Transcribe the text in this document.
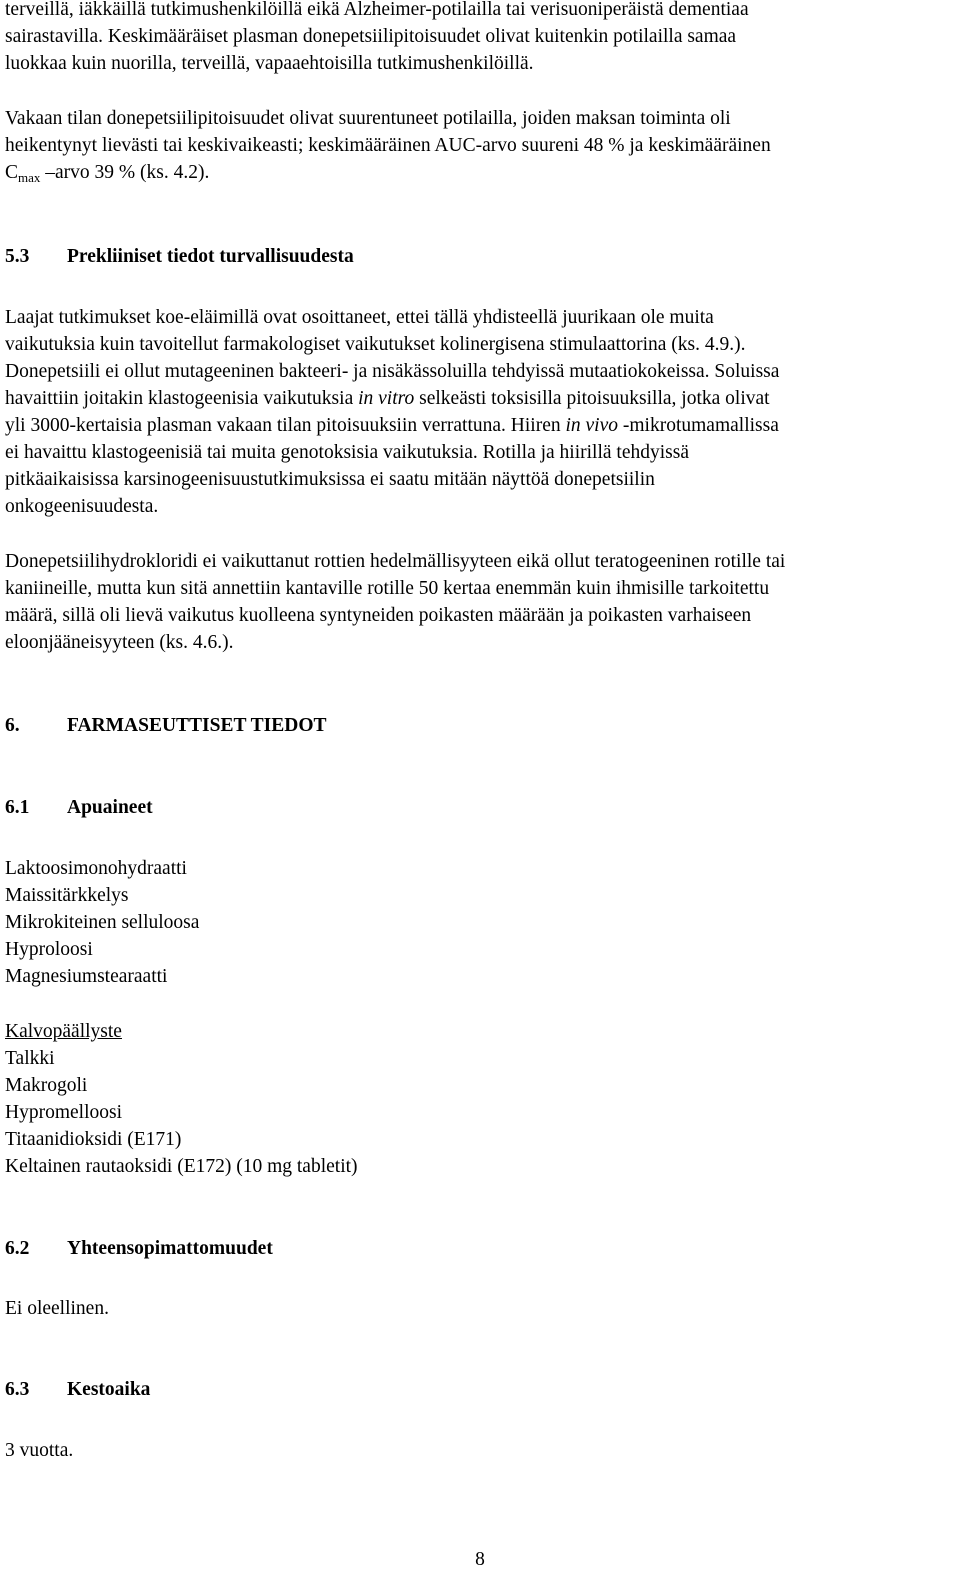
terveillä, iäkkäillä tutkimushenkilöillä eikä Alzheimer-potilailla tai verisuoniperäistä dementiaa
sairastavilla. Keskimääräiset plasman donepetsiilipitoisuudet olivat kuitenkin potilailla samaa
luokkaa kuin nuorilla, terveillä, vapaaehtoisilla tutkimushenkilöillä.

Vakaan tilan donepetsiilipitoisuudet olivat suurentuneet potilailla, joiden maksan toiminta oli
heikentynyt lievästi tai keskivaikeasti; keskimääräinen AUC-arvo suureni 48 % ja keskimääräinen
$C_{max}$ –arvo 39 % (ks. 4.2).

5.3 Prekliiniset tiedot turvallisuudesta

Laajat tutkimukset koe-eläimillä ovat osoittaneet, ettei tällä yhdisteellä juurikaan ole muita
vaikutuksia kuin tavoitellut farmakologiset vaikutukset kolinergisena stimulaattorina (ks. 4.9.).
Donepetsiili ei ollut mutageeninen bakteeri- ja nisäkässoluilla tehdyissä mutaatiokokeissa. Soluissa
havaittiin joitakin klastogeenisia vaikutuksia in vitro selkeästi toksisilla pitoisuuksilla, jotka olivat
yli 3000-kertaisia plasman vakaan tilan pitoisuuksiin verrattuna. Hiiren in vivo -mikrotumamallissa
ei havaittu klastogeenisiä tai muita genotoksisia vaikutuksia. Rotilla ja hiirillä tehdyissä
pitkäaikaisissa karsinogeenisuustutkimuksissa ei saatu mitään näyttöä donepetsiilin
onkogeenisuudesta.

Donepetsiilihydrokloridi ei vaikuttanut rottien hedelmällisyyteen eikä ollut teratogeeninen rotille tai
kaniineille, mutta kun sitä annettiin kantaville rotille 50 kertaa enemmän kuin ihmisille tarkoitettu
määrä, sillä oli lievä vaikutus kuolleena syntyneiden poikasten määrään ja poikasten varhaiseen
eloonjääneisyyteen (ks. 4.6.).

6. FARMASEUTTISET TIEDOT
6.1 Apuaineet
Laktoosimonohydraatti
Maissitärkkelys
Mikrokiteinen selluloosa
Hyproloosi
Magnesiumstearaatti
Kalvopäällyste
Talkki
Makrogoli
Hypromelloosi
Titaanidioksidi (E171)
Keltainen rautaoksidi (E172) (10 mg tabletit)
6.2 Yhteensopimattomuudet

Ei oleellinen.

6.3 Kestoaika

3 vuotta.

8
